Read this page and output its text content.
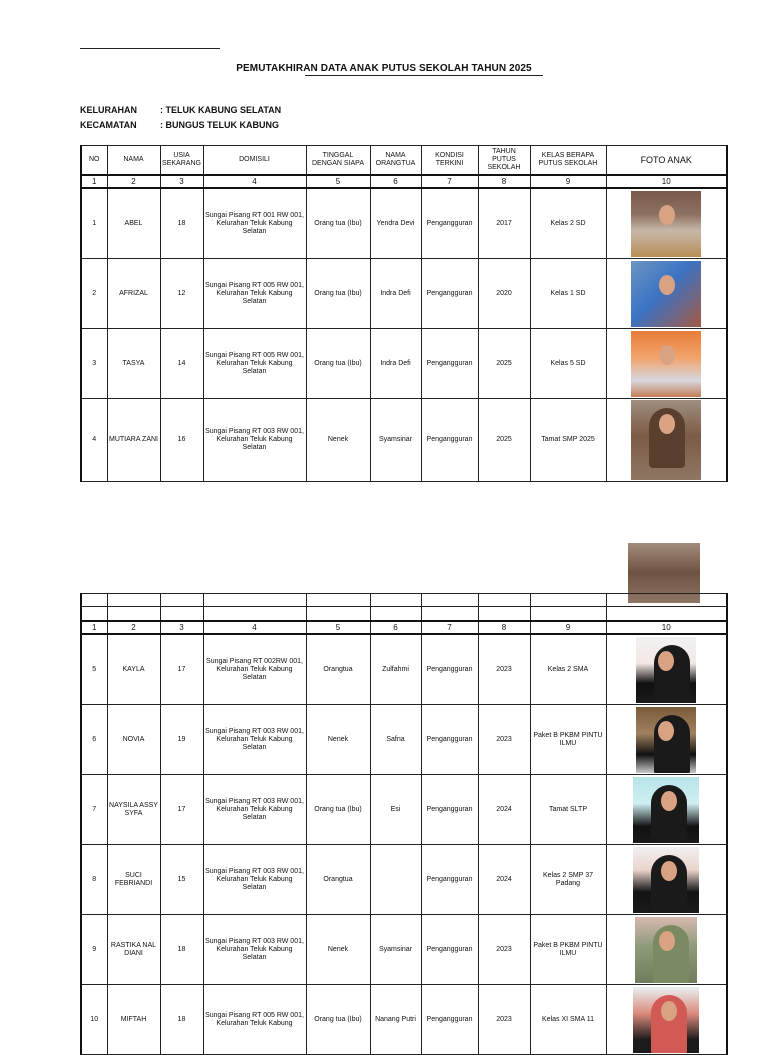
PEMUTAKHIRAN DATA ANAK PUTUS SEKOLAH TAHUN 2025
KELURAHAN	: TELUK KABUNG SELATAN
KECAMATAN	: BUNGUS TELUK KABUNG
NO	NAMA	USIA SEKARANG	DOMISILI	TINGGAL DENGAN SIAPA	NAMA ORANGTUA	KONDISI TERKINI	TAHUN PUTUS SEKOLAH	KELAS BERAPA PUTUS SEKOLAH	FOTO ANAK
1	2	3	4	5	6	7	8	9	10
1	ABEL	18	Sungai Pisang RT 001 RW 001, Kelurahan Teluk Kabung Selatan	Orang tua (Ibu)	Yendra Devi	Pengangguran	2017	Kelas 2 SD	

2	AFRIZAL	12	Sungai Pisang RT 005 RW 001, Kelurahan Teluk Kabung Selatan	Orang tua (Ibu)	Indra Defi	Pengangguran	2020	Kelas 1 SD	

3	TASYA	14	Sungai Pisang RT 005 RW 001, Kelurahan Teluk Kabung Selatan	Orang tua (Ibu)	Indra Defi	Pengangguran	2025	Kelas 5 SD	

4	MUTIARA ZANI	16	Sungai Pisang RT 003 RW 001, Kelurahan Teluk Kabung Selatan	Nenek	Syamsinar	Pengangguran	2025	Tamat SMP 2025	

1	2	3	4	5	6	7	8	9	10
5	KAYLA	17	Sungai Pisang RT 002RW 001, Kelurahan Teluk Kabung Selatan	Orangtua	Zulfahmi	Pengangguran	2023	Kelas 2 SMA	

6	NOVIA	19	Sungai Pisang RT 003 RW 001, Kelurahan Teluk Kabung Selatan	Nenek	Safna	Pengangguran	2023	Paket B PKBM PINTU ILMU	

7	NAYSILA ASSY SYFA	17	Sungai Pisang RT 003 RW 001, Kelurahan Teluk Kabung Selatan	Orang tua (Ibu)	Esi	Pengangguran	2024	Tamat SLTP	

8	SUCI FEBRIANDI	15	Sungai Pisang RT 003 RW 001, Kelurahan Teluk Kabung Selatan	Orangtua		Pengangguran	2024	Kelas 2 SMP 37 Padang	

9	RASTIKA NAL DIANI	18	Sungai Pisang RT 003 RW 001, Kelurahan Teluk Kabung Selatan	Nenek	Syamsinar	Pengangguran	2023	Paket B PKBM PINTU ILMU	

10	MIFTAH	18	Sungai Pisang RT 005 RW 001, Kelurahan Teluk Kabung	Orang tua (Ibu)	Nanang Putri	Pengangguran	2023	Kelas XI SMA 11	
